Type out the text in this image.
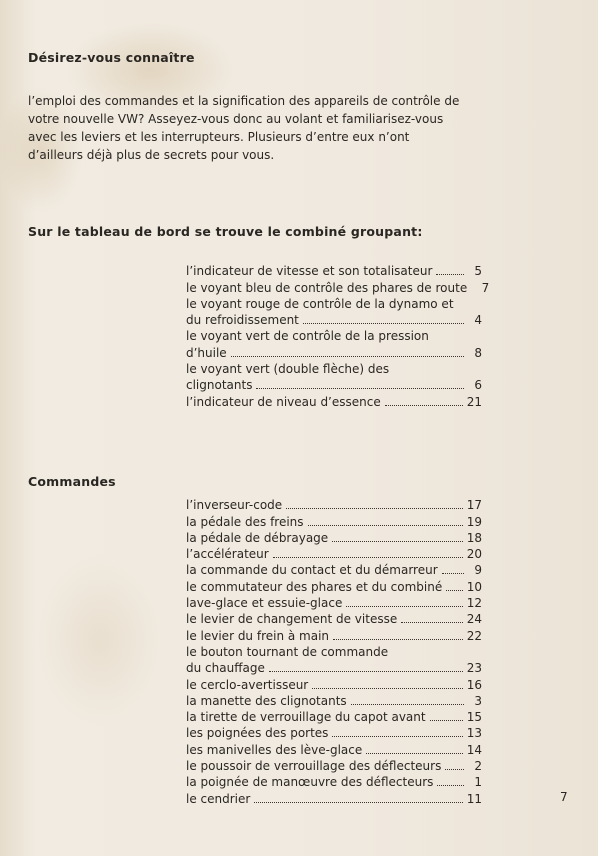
Désirez-vous connaître
l’emploi des commandes et la signification des appareils de contrôle de votre nouvelle VW? Asseyez-vous donc au volant et familiarisez-vous avec les leviers et les interrupteurs. Plusieurs d’entre eux n’ont d’ailleurs déjà plus de secrets pour vous.
Sur le tableau de bord se trouve le combiné groupant:
l’indicateur de vitesse et son totalisateur	5
le voyant bleu de contrôle des phares de route	7
le voyant rouge de contrôle de la dynamo et
du refroidissement	4
le voyant vert de contrôle de la pression
d’huile	8
le voyant vert (double flèche) des
clignotants	6
l’indicateur de niveau d’essence	21
Commandes
l’inverseur-code	17
la pédale des freins	19
la pédale de débrayage	18
l’accélérateur	20
la commande du contact et du démarreur	9
le commutateur des phares et du combiné 10
lave-glace et essuie-glace	12
le levier de changement de vitesse	24
le levier du frein à main	22
le bouton tournant de commande
du chauffage	23
le cerclo-avertisseur	16
la manette des clignotants	3
la tirette de verrouillage du capot avant	15
les poignées des portes	13
les manivelles des lève-glace	14
le poussoir de verrouillage des déflecteurs	2
la poignée de manœuvre des déflecteurs	1
le cendrier	11	7
